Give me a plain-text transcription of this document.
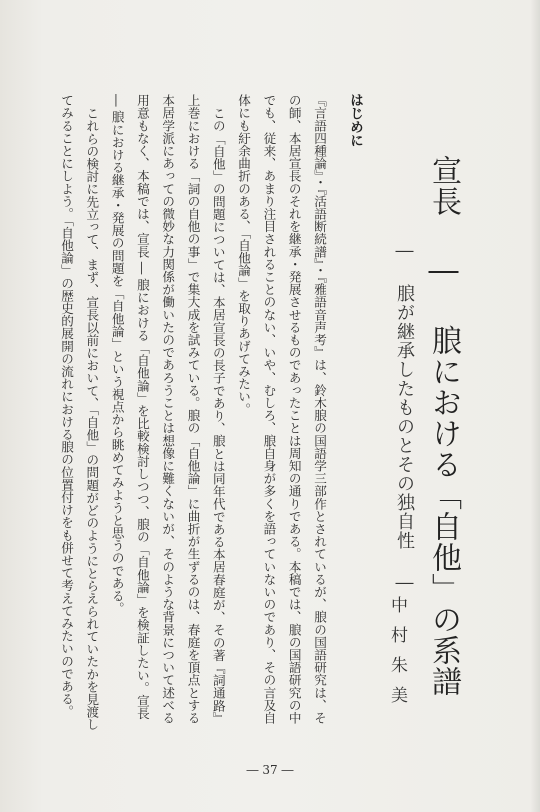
宣長 ― 朖における「自他」の系譜
― 朖が継承したものとその独自性 ―
中村朱美
はじめに

『言語四種論』・『活語断続譜』・『雅語音声考』は、鈴木朖の国語学三部作とされているが、朖の国語研究は、その師、本居宣長のそれを継承・発展させるものであったことは周知の通りである。本稿では、朖の国語研究の中でも、従来、あまり注目されることのない、いや、むしろ、朖自身が多くを語っていないのであり、その言及自体にも紆余曲折のある、「自他論」を取りあげてみたい。

この「自他」の問題については、本居宣長の長子であり、朖とは同年代である本居春庭が、その著『詞通路』上巻における「詞の自他の事」で集大成を試みている。朖の「自他論」に曲折が生ずるのは、春庭を頂点とする本居学派にあっての微妙な力関係が働いたのであろうことは想像に難くないが、そのような背景について述べる用意もなく、本稿では、宣長 ― 朖における「自他論」を比較検討しつつ、朖の「自他論」を検証したい。宣長 ― 朖における継承・発展の問題を「自他論」という視点から眺めてみようと思うのである。

これらの検討に先立って、まず、宣長以前において、「自他」の問題がどのようにとらえられていたかを見渡してみることにしよう。「自他論」の歴史的展開の流れにおける朖の位置付けをも併せて考えてみたいのである。

― 37 ―
